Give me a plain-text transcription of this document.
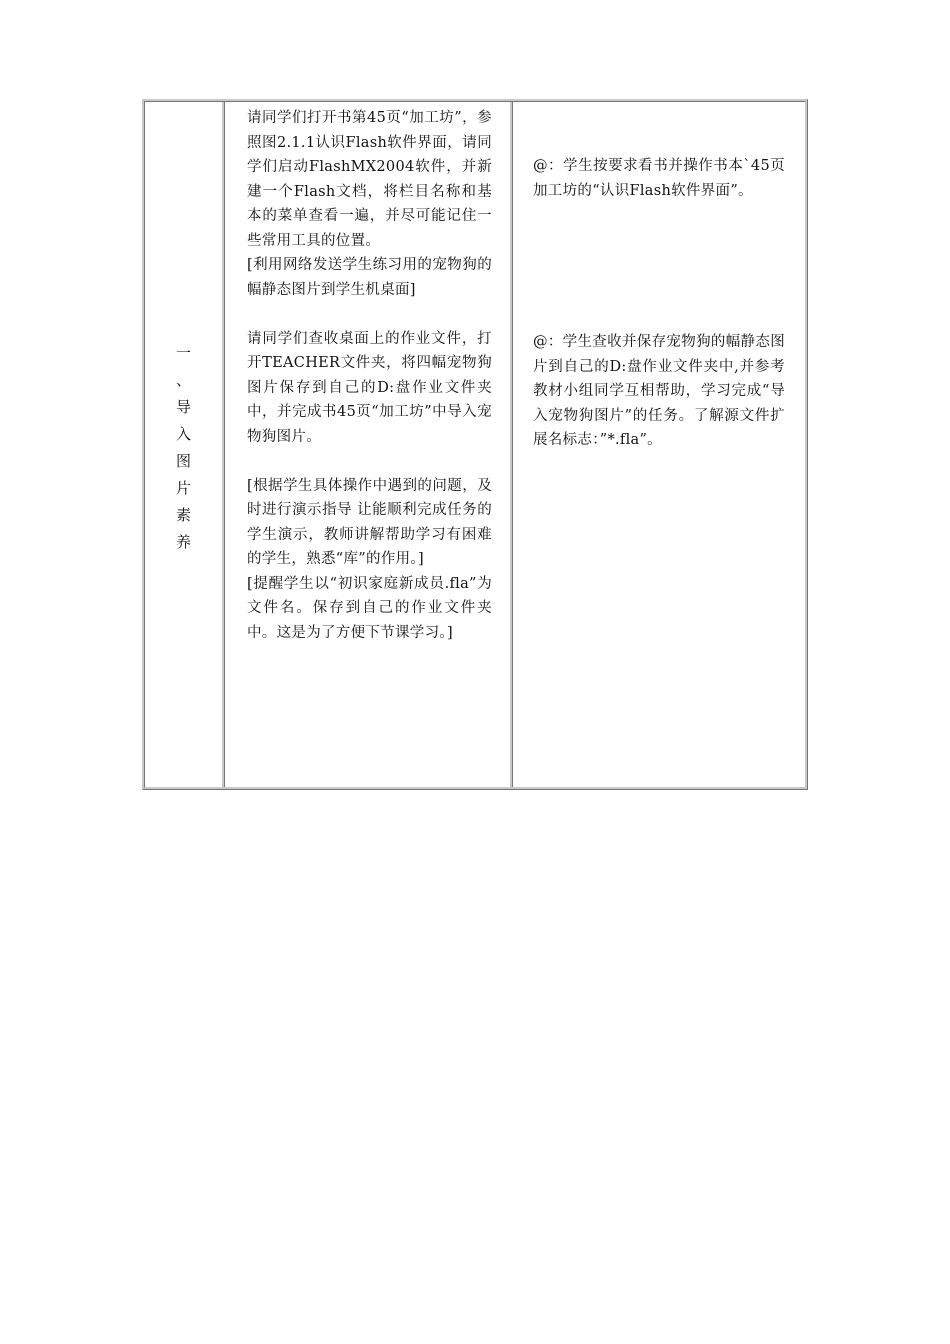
一
、
导
入
图
片
素
养

请同学们打开书第45页“加工坊”，参照图2.1.1认识Flash软件界面，请同学们启动FlashMX2004软件，并新建一个Flash文档，将栏目名称和基本的菜单查看一遍，并尽可能记住一些常用工具的位置。

[利用网络发送学生练习用的宠物狗的幅静态图片到学生机桌面]

请同学们查收桌面上的作业文件，打开TEACHER文件夹，将四幅宠物狗图片保存到自己的D:盘作业文件夹中，并完成书45页“加工坊”中导入宠物狗图片。

[根据学生具体操作中遇到的问题，及时进行演示指导 让能顺利完成任务的学生演示，教师讲解帮助学习有困难的学生，熟悉“库”的作用。]

[提醒学生以“初识家庭新成员.fla”为文件名。保存到自己的作业文件夹中。这是为了方便下节课学习。]

@：学生按要求看书并操作书本`45页加工坊的“认识Flash软件界面”。
@：学生查收并保存宠物狗的幅静态图片到自己的D:盘作业文件夹中,并参考教材小组同学互相帮助，学习完成“导入宠物狗图片”的任务。了解源文件扩展名标志：”*.fla”。
